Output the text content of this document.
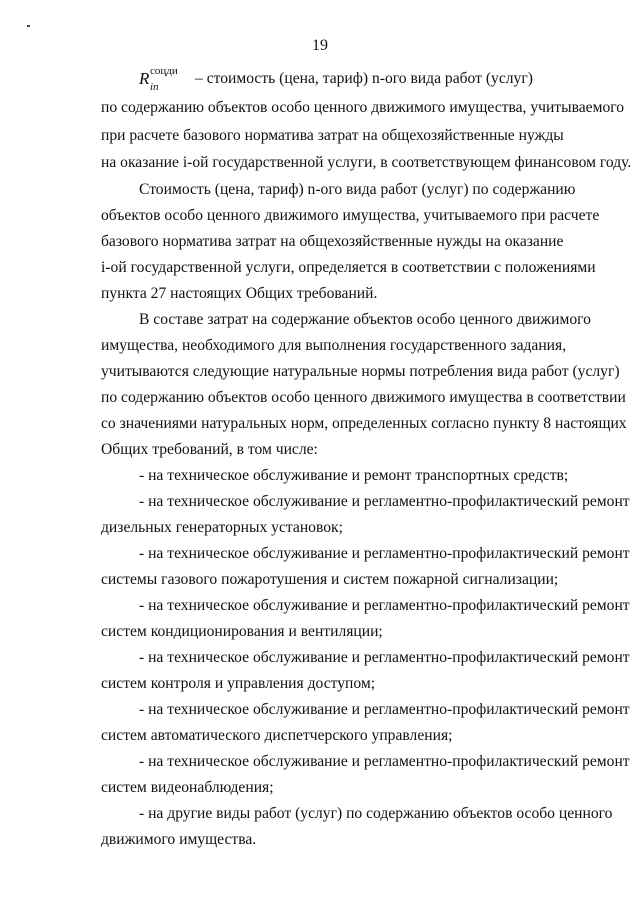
19
R соцди
in – стоимость (цена, тариф) n-ого вида работ (услуг)
по содержанию объектов особо ценного движимого имущества, учитываемого
при расчете базового норматива затрат на общехозяйственные нужды
на оказание i-ой государственной услуги, в соответствующем финансовом году.
Стоимость (цена, тариф) n-ого вида работ (услуг) по содержанию
объектов особо ценного движимого имущества, учитываемого при расчете
базового норматива затрат на общехозяйственные нужды на оказание
i-ой государственной услуги, определяется в соответствии с положениями
пункта 27 настоящих Общих требований.
В составе затрат на содержание объектов особо ценного движимого
имущества, необходимого для выполнения государственного задания,
учитываются следующие натуральные нормы потребления вида работ (услуг)
по содержанию объектов особо ценного движимого имущества в соответствии
со значениями натуральных норм, определенных согласно пункту 8 настоящих
Общих требований, в том числе:
- на техническое обслуживание и ремонт транспортных средств;
- на техническое обслуживание и регламентно-профилактический ремонт
дизельных генераторных установок;
- на техническое обслуживание и регламентно-профилактический ремонт
системы газового пожаротушения и систем пожарной сигнализации;
- на техническое обслуживание и регламентно-профилактический ремонт
систем кондиционирования и вентиляции;
- на техническое обслуживание и регламентно-профилактический ремонт
систем контроля и управления доступом;
- на техническое обслуживание и регламентно-профилактический ремонт
систем автоматического диспетчерского управления;
- на техническое обслуживание и регламентно-профилактический ремонт
систем видеонаблюдения;
- на другие виды работ (услуг) по содержанию объектов особо ценного
движимого имущества.
